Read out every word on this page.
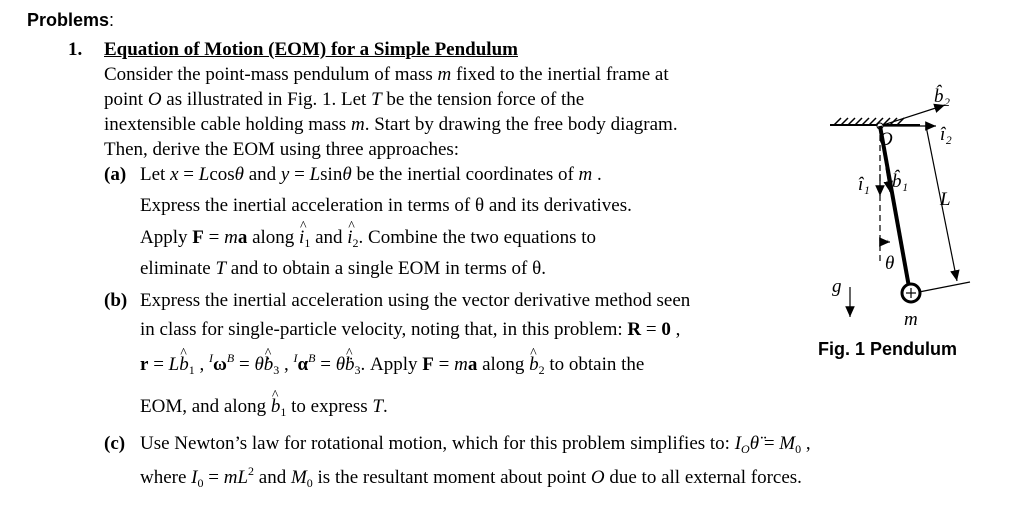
Problems:
1. Equation of Motion (EOM) for a Simple Pendulum
Consider the point-mass pendulum of mass m fixed to the inertial frame at
point O as illustrated in Fig. 1. Let T be the tension force of the
inextensible cable holding mass m. Start by drawing the free body diagram.
Then, derive the EOM using three approaches:
(a) Let x = Lcosθ and y = Lsinθ be the inertial coordinates of m .
Express the inertial acceleration in terms of θ and its derivatives.
Apply F = ma along ^ $i_1$ and ^ $i_2$. Combine the two equations to
eliminate T and to obtain a single EOM in terms of θ.
(b) Express the inertial acceleration using the vector derivative method seen
in class for single-particle velocity, noting that, in this problem: R = 0 ,
r = L^ $b_1$ , $^I\omega^B$ = θ̇^ $b_3$ , $^I\alpha^B$ = θ̈^ $b_3$. Apply F = ma along ^ $b_2$ to obtain the
EOM, and along ^ $b_1$ to express T.
(c) Use Newton’s law for rotational motion, which for this problem simplifies to: $I_O\thetä = M_0$ ,
where $I_0 = mL^2$ and $M_0$ is the resultant moment about point O due to all external forces.
O
b̂₂
î₂
î₁ b̂₁
L
θ
g
m
Fig. 1 Pendulum
